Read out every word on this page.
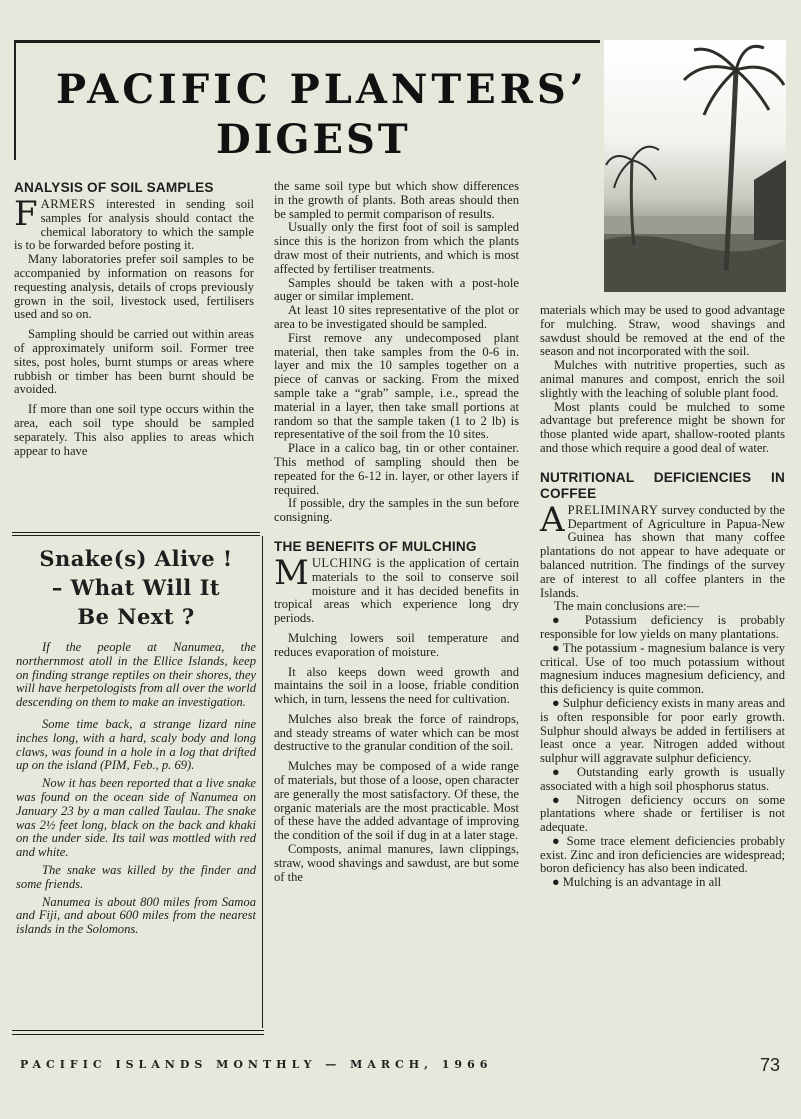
PACIFIC PLANTERS’
DIGEST
ANALYSIS OF SOIL SAMPLES

FARMERS interested in sending soil samples for analysis should contact the chemical laboratory to which the sample is to be forwarded before posting it.

Many laboratories prefer soil samples to be accompanied by information on reasons for requesting analysis, details of crops previously grown in the soil, livestock used, fertilisers used and so on.

Sampling should be carried out within areas of approximately uniform soil. Former tree sites, post holes, burnt stumps or areas where rubbish or timber has been burnt should be avoided.

If more than one soil type occurs within the area, each soil type should be sampled separately. This also applies to areas which appear to have

Snake(s) Alive !
– What Will It
Be Next ?

If the people at Nanumea, the northernmost atoll in the Ellice Islands, keep on finding strange reptiles on their shores, they will have herpetologists from all over the world descending on them to make an investigation.

Some time back, a strange lizard nine inches long, with a hard, scaly body and long claws, was found in a hole in a log that drifted up on the island (PIM, Feb., p. 69).

Now it has been reported that a live snake was found on the ocean side of Nanumea on January 23 by a man called Taulau. The snake was 2½ feet long, black on the back and khaki on the under side. Its tail was mottled with red and white.

The snake was killed by the finder and some friends.

Nanumea is about 800 miles from Samoa and Fiji, and about 600 miles from the nearest islands in the Solomons.

the same soil type but which show differences in the growth of plants. Both areas should then be sampled to permit comparison of results.

Usually only the first foot of soil is sampled since this is the horizon from which the plants draw most of their nutrients, and which is most affected by fertiliser treatments.

Samples should be taken with a post-hole auger or similar implement.

At least 10 sites representative of the plot or area to be investigated should be sampled.

First remove any undecomposed plant material, then take samples from the 0-6 in. layer and mix the 10 samples together on a piece of canvas or sacking. From the mixed sample take a “grab” sample, i.e., spread the material in a layer, then take small portions at random so that the sample taken (1 to 2 lb) is representative of the soil from the 10 sites.

Place in a calico bag, tin or other container. This method of sampling should then be repeated for the 6-12 in. layer, or other layers if required.

If possible, dry the samples in the sun before consigning.

THE BENEFITS OF MULCHING

MULCHING is the application of certain materials to the soil to conserve soil moisture and it has decided benefits in tropical areas which experience long dry periods.

Mulching lowers soil temperature and reduces evaporation of moisture.

It also keeps down weed growth and maintains the soil in a loose, friable condition which, in turn, lessens the need for cultivation.

Mulches also break the force of raindrops, and steady streams of water which can be most destructive to the granular condition of the soil.

Mulches may be composed of a wide range of materials, but those of a loose, open character are generally the most satisfactory. Of these, the organic materials are the most practicable. Most of these have the added advantage of improving the condition of the soil if dug in at a later stage.

Composts, animal manures, lawn clippings, straw, wood shavings and sawdust, are but some of the

materials which may be used to good advantage for mulching. Straw, wood shavings and sawdust should be removed at the end of the season and not incorporated with the soil.

Mulches with nutritive properties, such as animal manures and compost, enrich the soil slightly with the leaching of soluble plant food.

Most plants could be mulched to some advantage but preference might be shown for those planted wide apart, shallow-rooted plants and those which require a good deal of water.

NUTRITIONAL DEFICIENCIES IN COFFEE

APRELIMINARY survey conducted by the Department of Agriculture in Papua-New Guinea has shown that many coffee plantations do not appear to have adequate or balanced nutrition. The findings of the survey are of interest to all coffee planters in the Islands.

The main conclusions are:—

● Potassium deficiency is probably responsible for low yields on many plantations.

● The potassium - magnesium balance is very critical. Use of too much potassium without magnesium induces magnesium deficiency, and this deficiency is quite common.

● Sulphur deficiency exists in many areas and is often responsible for poor early growth. Sulphur should always be added in fertilisers at least once a year. Nitrogen added without sulphur will aggravate sulphur deficiency.

● Outstanding early growth is usually associated with a high soil phosphorus status.

● Nitrogen deficiency occurs on some plantations where shade or fertiliser is not adequate.

● Some trace element deficiencies probably exist. Zinc and iron deficiencies are widespread; boron deficiency has also been indicated.

● Mulching is an advantage in all

PACIFIC ISLANDS MONTHLY — MARCH, 1966	73
